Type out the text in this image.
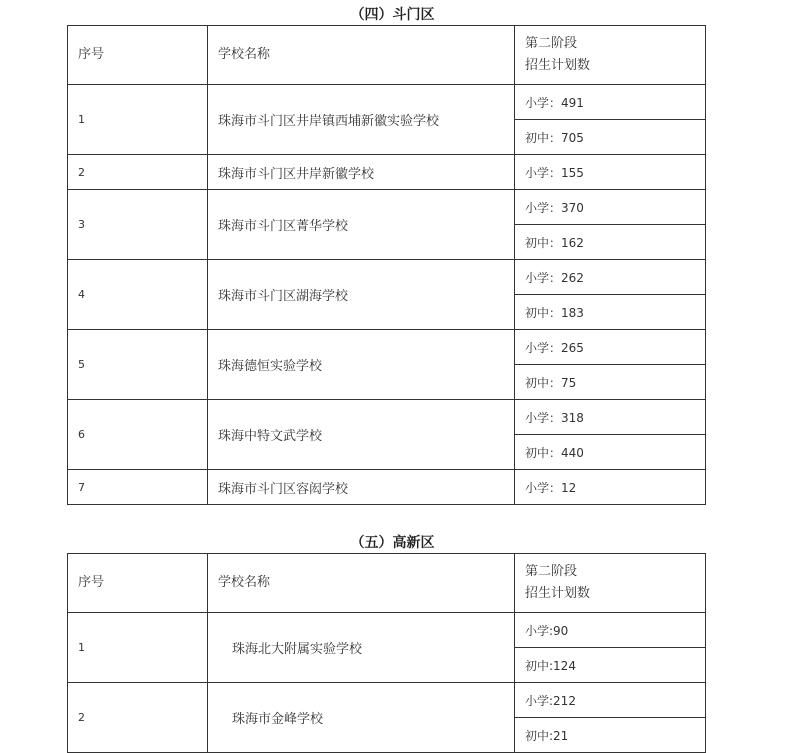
（四）斗门区
序号	学校名称	第二阶段
招生计划数
1	珠海市斗门区井岸镇西埔新徽实验学校	小学：491
		初中：705
2	珠海市斗门区井岸新徽学校	小学：155
3	珠海市斗门区菁华学校	小学：370
		初中：162
4	珠海市斗门区湖海学校	小学：262
		初中：183
5	珠海德恒实验学校	小学：265
		初中：75
6	珠海中特文武学校	小学：318
		初中：440
7	珠海市斗门区容闳学校	小学：12
（五）高新区
序号	学校名称	第二阶段
招生计划数
1	珠海北大附属实验学校	小学:90
		初中:124
2	珠海市金峰学校	小学:212
		初中:21
